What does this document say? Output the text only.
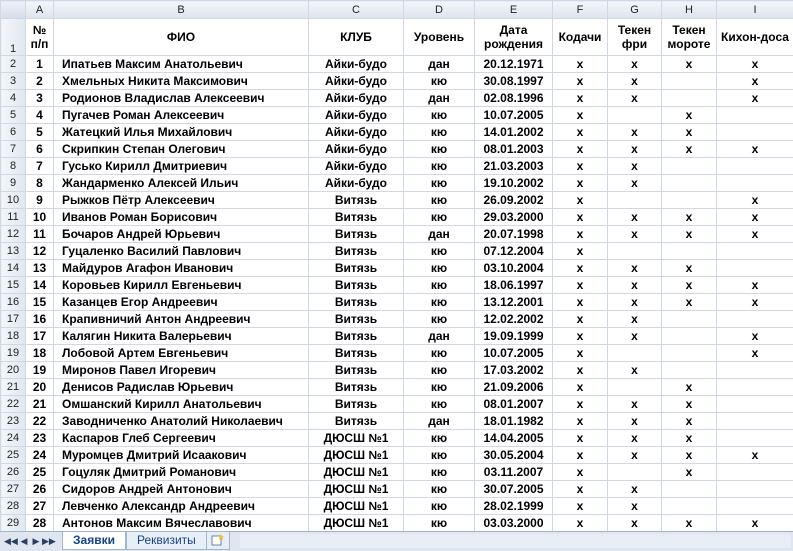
	A	B	C	D	E	F	G	H	I
1	№ п/п	ФИО	КЛУБ	Уровень	Дата рождения	Кодачи	Текен фри	Текен мороте	Кихон-доса
2	1	Ипатьев Максим Анатольевич	Айки-будо	дан	20.12.1971	x	x	x	x
3	2	Хмельных Никита Максимович	Айки-будо	кю	30.08.1997	x	x		x
4	3	Родионов Владислав Алексеевич	Айки-будо	дан	02.08.1996	x	x		x
5	4	Пугачев Роман Алексеевич	Айки-будо	кю	10.07.2005	x		x	
6	5	Жатецкий Илья Михайлович	Айки-будо	кю	14.01.2002	x	x	x	
7	6	Скрипкин Степан Олегович	Айки-будо	кю	08.01.2003	x	x	x	x
8	7	Гусько Кирилл Дмитриевич	Айки-будо	кю	21.03.2003	x	x		
9	8	Жандарменко Алексей Ильич	Айки-будо	кю	19.10.2002	x	x		
10	9	Рыжков Пётр Алексеевич	Витязь	кю	26.09.2002	x			x
11	10	Иванов Роман Борисович	Витязь	кю	29.03.2000	x	x	x	x
12	11	Бочаров Андрей Юрьевич	Витязь	дан	20.07.1998	x	x	x	x
13	12	Гуцаленко Василий Павлович	Витязь	кю	07.12.2004	x			
14	13	Майдуров Агафон Иванович	Витязь	кю	03.10.2004	x	x	x	
15	14	Коровьев Кирилл Евгеньевич	Витязь	кю	18.06.1997	x	x	x	x
16	15	Казанцев Егор Андреевич	Витязь	кю	13.12.2001	x	x	x	x
17	16	Крапивничий Антон Андреевич	Витязь	кю	12.02.2002	x	x		
18	17	Калягин Никита Валерьевич	Витязь	дан	19.09.1999	x	x		x
19	18	Лобовой Артем Евгеньевич	Витязь	кю	10.07.2005	x			x
20	19	Миронов Павел Игоревич	Витязь	кю	17.03.2002	x	x		
21	20	Денисов Радислав Юрьевич	Витязь	кю	21.09.2006	x		x	
22	21	Омшанский Кирилл Анатольевич	Витязь	кю	08.01.2007	x	x	x	
23	22	Заводниченко Анатолий Николаевич	Витязь	дан	18.01.1982	x	x	x	
24	23	Каспаров Глеб Сергеевич	ДЮСШ №1	кю	14.04.2005	x	x	x	
25	24	Муромцев Дмитрий Исаакович	ДЮСШ №1	кю	30.05.2004	x	x	x	x
26	25	Гоцуляк Дмитрий Романович	ДЮСШ №1	кю	03.11.2007	x		x	
27	26	Сидоров Андрей Антонович	ДЮСШ №1	кю	30.07.2005	x	x		
28	27	Левченко Александр Андреевич	ДЮСШ №1	кю	28.02.1999	x	x		
29	28	Антонов Максим Вячеславович	ДЮСШ №1	кю	03.03.2000	x	x	x	x
◀◀ ◀ ▶ ▶▶	Заявки	Реквизиты
